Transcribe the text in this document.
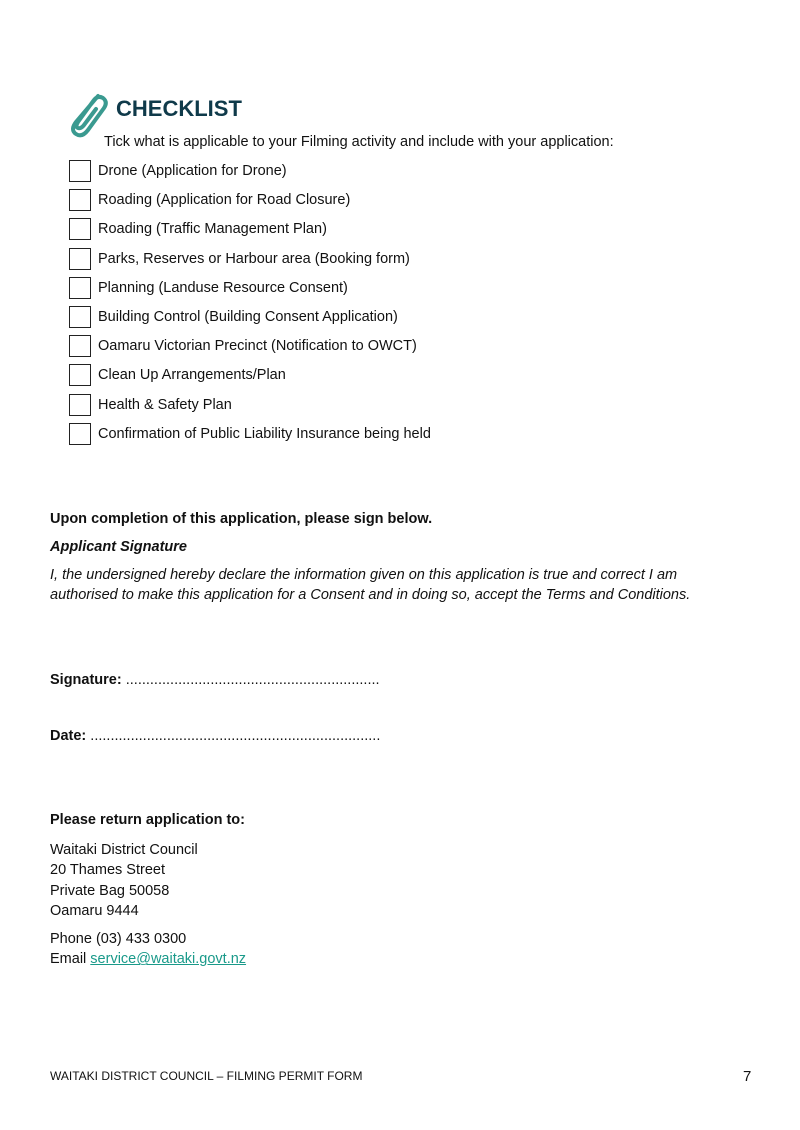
CHECKLIST
Tick what is applicable to your Filming activity and include with your application:
Drone (Application for Drone)
Roading (Application for Road Closure)
Roading (Traffic Management Plan)
Parks, Reserves or Harbour area (Booking form)
Planning (Landuse Resource Consent)
Building Control (Building Consent Application)
Oamaru Victorian Precinct (Notification to OWCT)
Clean Up Arrangements/Plan
Health & Safety Plan
Confirmation of Public Liability Insurance being held
Upon completion of this application, please sign below.
Applicant Signature
I, the undersigned hereby declare the information given on this application is true and correct I am
authorised to make this application for a Consent and in doing so, accept the Terms and Conditions.
Signature: ...............................................................
Date: ........................................................................
Please return application to:
Waitaki District Council
20 Thames Street
Private Bag 50058
Oamaru 9444
Phone (03) 433 0300
Email service@waitaki.govt.nz
WAITAKI DISTRICT COUNCIL – FILMING PERMIT FORM	7
